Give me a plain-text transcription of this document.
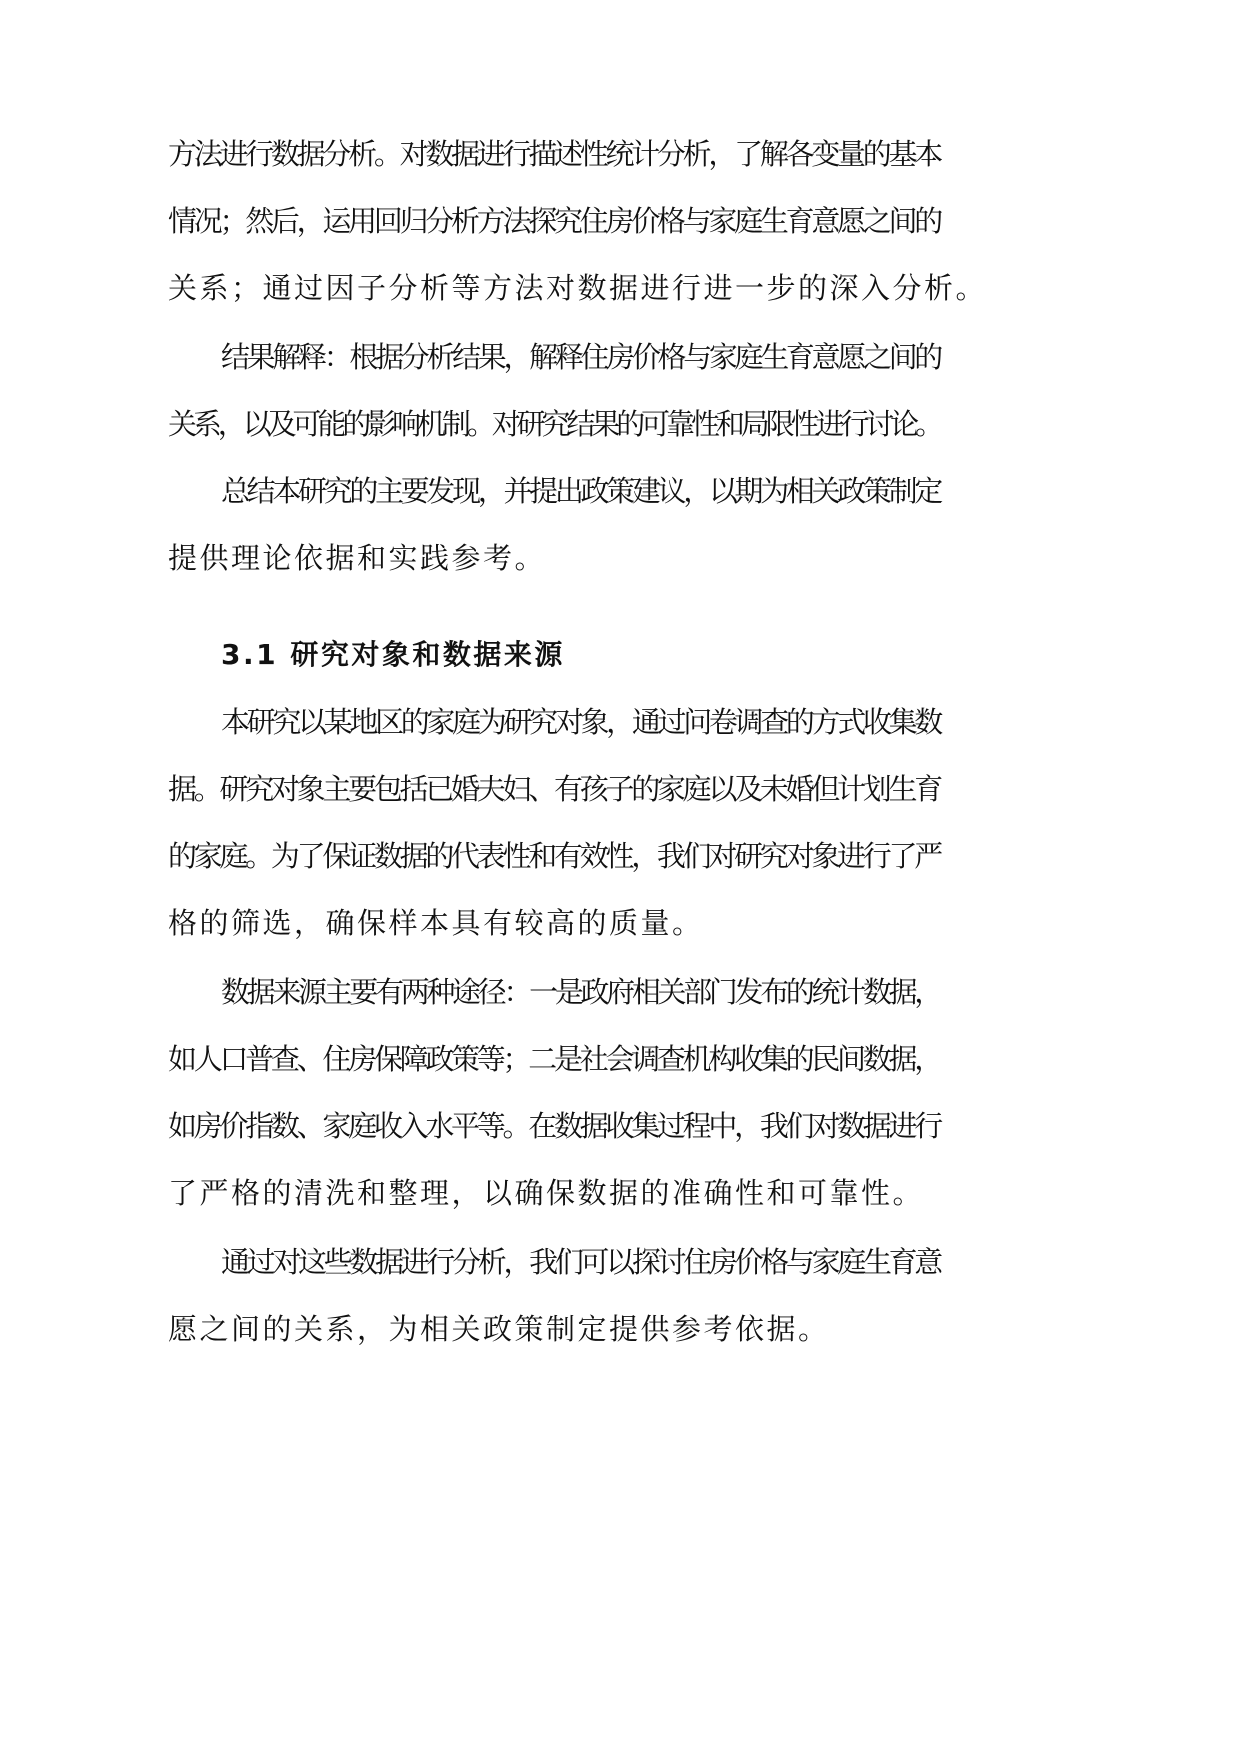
方法进行数据分析。对数据进行描述性统计分析，了解各变量的基本
情况；然后，运用回归分析方法探究住房价格与家庭生育意愿之间的
关系；通过因子分析等方法对数据进行进一步的深入分析。
结果解释：根据分析结果，解释住房价格与家庭生育意愿之间的
关系，以及可能的影响机制。对研究结果的可靠性和局限性进行讨论。
总结本研究的主要发现，并提出政策建议，以期为相关政策制定
提供理论依据和实践参考。
3.1 研究对象和数据来源
本研究以某地区的家庭为研究对象，通过问卷调查的方式收集数
据。研究对象主要包括已婚夫妇、有孩子的家庭以及未婚但计划生育
的家庭。为了保证数据的代表性和有效性，我们对研究对象进行了严
格的筛选，确保样本具有较高的质量。
数据来源主要有两种途径：一是政府相关部门发布的统计数据，
如人口普查、住房保障政策等；二是社会调查机构收集的民间数据，
如房价指数、家庭收入水平等。在数据收集过程中，我们对数据进行
了严格的清洗和整理，以确保数据的准确性和可靠性。
通过对这些数据进行分析，我们可以探讨住房价格与家庭生育意
愿之间的关系，为相关政策制定提供参考依据。
